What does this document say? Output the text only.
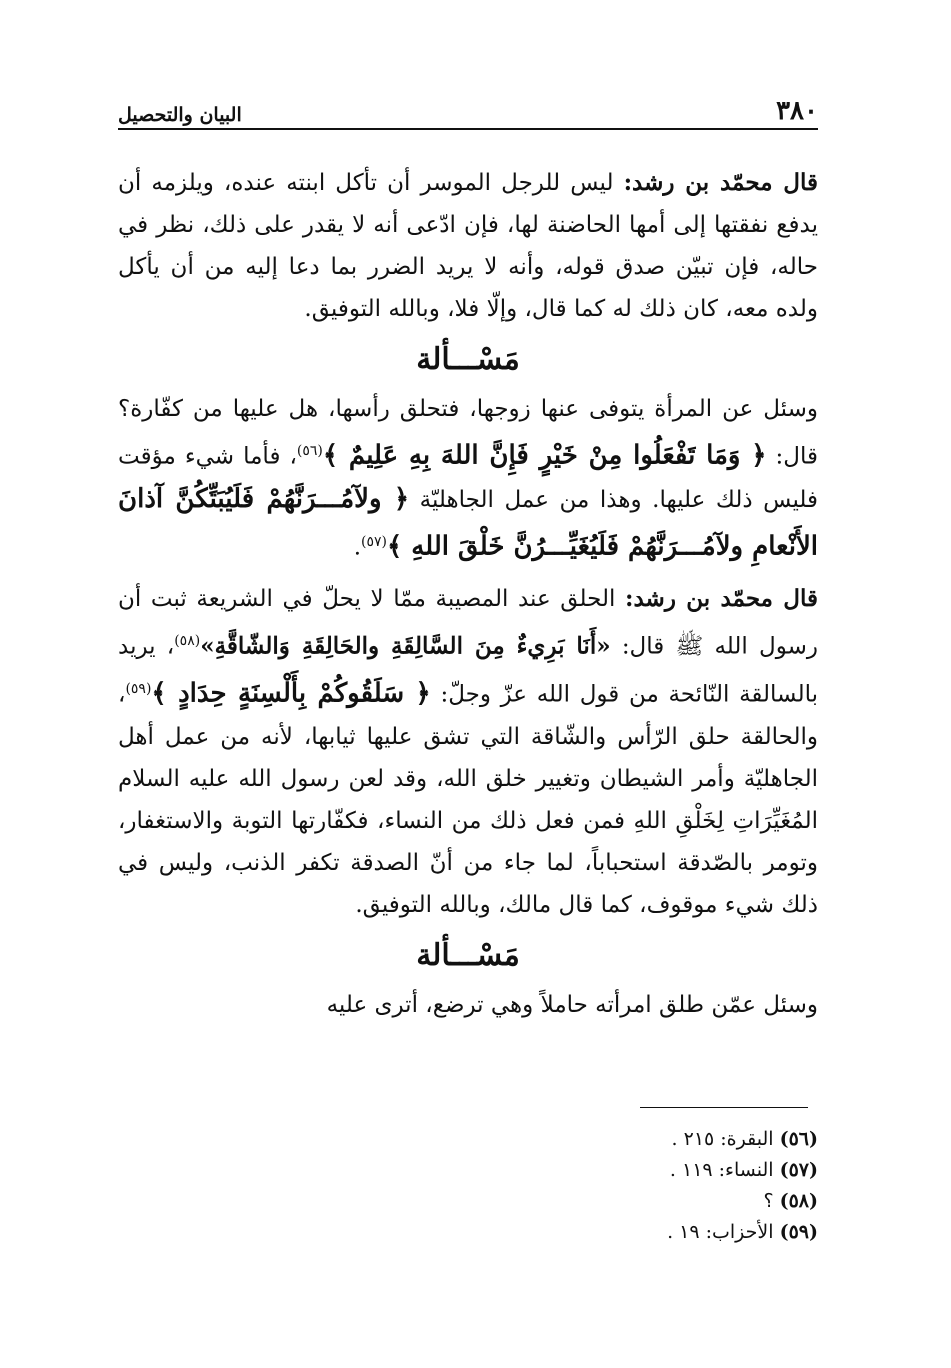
٣٨٠
البيان والتحصيل

قال محمّد بن رشد: ليس للرجل الموسر أن تأكل ابنته عنده، ويلزمه أن يدفع نفقتها إلى أمها الحاضنة لها، فإن ادّعى أنه لا يقدر على ذلك، نظر في حاله، فإن تبيّن صدق قوله، وأنه لا يريد الضرر بما دعا إليه من أن يأكل ولده معه، كان ذلك له كما قال، وإلّا فلا، وبالله التوفيق.

مَسْـــألة

وسئل عن المرأة يتوفى عنها زوجها، فتحلق رأسها، هل عليها من كفّارة؟ قال: ﴿ وَمَا تَفْعَلُوا مِنْ خَيْرٍ فَإِنَّ اللهَ بِهِ عَلِيمٌ ﴾$^{(٥٦)}$، فأما شيء مؤقت فليس ذلك عليها. وهذا من عمل الجاهليّة ﴿ ولآمُـــرَنَّهُمْ فَلَيُبَتِّكُنَّ آذانَ الأَنْعامِ ولآمُـــرَنَّهُمْ فَلَيُغَيِّـــرُنَّ خَلْقَ اللهِ ﴾$^{(٥٧)}$.

قال محمّد بن رشد: الحلق عند المصيبة ممّا لا يحلّ في الشريعة ثبت أن رسول الله ﷺ قال: «أَنَا بَرِيءٌ مِنَ السَّالِقَةِ والحَالِقَةِ وَالشّاقَّةِ»$^{(٥٨)}$، يريد بالسالقة النّائحة من قول الله عزّ وجلّ: ﴿ سَلَقُوكُمْ بِأَلْسِنَةٍ حِدَادٍ ﴾$^{(٥٩)}$، والحالقة حلق الرّأس والشّاقة التي تشق عليها ثيابها، لأنه من عمل أهل الجاهليّة وأمر الشيطان وتغيير خلق الله، وقد لعن رسول الله عليه السلام المُغَيِّرَاتِ لِخَلْقِ اللهِ فمن فعل ذلك من النساء، فكفّارتها التوبة والاستغفار، وتومر بالصّدقة استحباباً، لما جاء من أنّ الصدقة تكفر الذنب، وليس في ذلك شيء موقوف، كما قال مالك، وبالله التوفيق.

مَسْـــألة

وسئل عمّن طلق امرأته حاملاً وهي ترضع، أترى عليه

(٥٦) البقرة: ٢١٥ .

(٥٧) النساء: ١١٩ .

(٥٨) ؟

(٥٩) الأحزاب: ١٩ .
